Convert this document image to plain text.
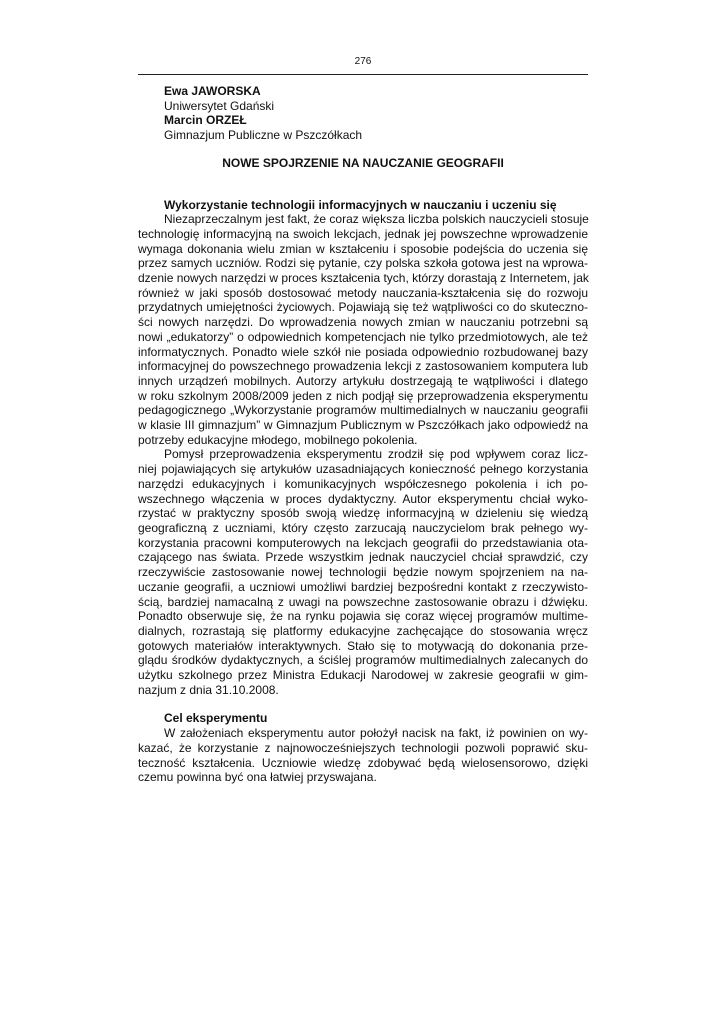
276
Ewa JAWORSKA
Uniwersytet Gdański
Marcin ORZEŁ
Gimnazjum Publiczne w Pszczółkach
NOWE SPOJRZENIE NA NAUCZANIE GEOGRAFII
Wykorzystanie technologii informacyjnych w nauczaniu i uczeniu się
Niezaprzeczalnym jest fakt, że coraz większa liczba polskich nauczycieli stosuje
technologię informacyjną na swoich lekcjach, jednak jej powszechne wprowadzenie
wymaga dokonania wielu zmian w kształceniu i sposobie podejścia do uczenia się
przez samych uczniów. Rodzi się pytanie, czy polska szkoła gotowa jest na wprowa-
dzenie nowych narzędzi w proces kształcenia tych, którzy dorastają z Internetem, jak
również w jaki sposób dostosować metody nauczania-kształcenia się do rozwoju
przydatnych umiejętności życiowych. Pojawiają się też wątpliwości co do skuteczno-
ści nowych narzędzi. Do wprowadzenia nowych zmian w nauczaniu potrzebni są
nowi „edukatorzy” o odpowiednich kompetencjach nie tylko przedmiotowych, ale też
informatycznych. Ponadto wiele szkół nie posiada odpowiednio rozbudowanej bazy
informacyjnej do powszechnego prowadzenia lekcji z zastosowaniem komputera lub
innych urządzeń mobilnych. Autorzy artykułu dostrzegają te wątpliwości i dlatego
w roku szkolnym 2008/2009 jeden z nich podjął się przeprowadzenia eksperymentu
pedagogicznego „Wykorzystanie programów multimedialnych w nauczaniu geografii
w klasie III gimnazjum” w Gimnazjum Publicznym w Pszczółkach jako odpowiedź na
potrzeby edukacyjne młodego, mobilnego pokolenia.
Pomysł przeprowadzenia eksperymentu zrodził się pod wpływem coraz licz-
niej pojawiających się artykułów uzasadniających konieczność pełnego korzystania
narzędzi edukacyjnych i komunikacyjnych współczesnego pokolenia i ich po-
wszechnego włączenia w proces dydaktyczny. Autor eksperymentu chciał wyko-
rzystać w praktyczny sposób swoją wiedzę informacyjną w dzieleniu się wiedzą
geograficzną z uczniami, który często zarzucają nauczycielom brak pełnego wy-
korzystania pracowni komputerowych na lekcjach geografii do przedstawiania ota-
czającego nas świata. Przede wszystkim jednak nauczyciel chciał sprawdzić, czy
rzeczywiście zastosowanie nowej technologii będzie nowym spojrzeniem na na-
uczanie geografii, a uczniowi umożliwi bardziej bezpośredni kontakt z rzeczywisto-
ścią, bardziej namacalną z uwagi na powszechne zastosowanie obrazu i dźwięku.
Ponadto obserwuje się, że na rynku pojawia się coraz więcej programów multime-
dialnych, rozrastają się platformy edukacyjne zachęcające do stosowania wręcz
gotowych materiałów interaktywnych. Stało się to motywacją do dokonania prze-
glądu środków dydaktycznych, a ściślej programów multimedialnych zalecanych do
użytku szkolnego przez Ministra Edukacji Narodowej w zakresie geografii w gim-
nazjum z dnia 31.10.2008.
Cel eksperymentu
W założeniach eksperymentu autor położył nacisk na fakt, iż powinien on wy-
kazać, że korzystanie z najnowocześniejszych technologii pozwoli poprawić sku-
teczność kształcenia. Uczniowie wiedzę zdobywać będą wielosensorowo, dzięki
czemu powinna być ona łatwiej przyswajana.
